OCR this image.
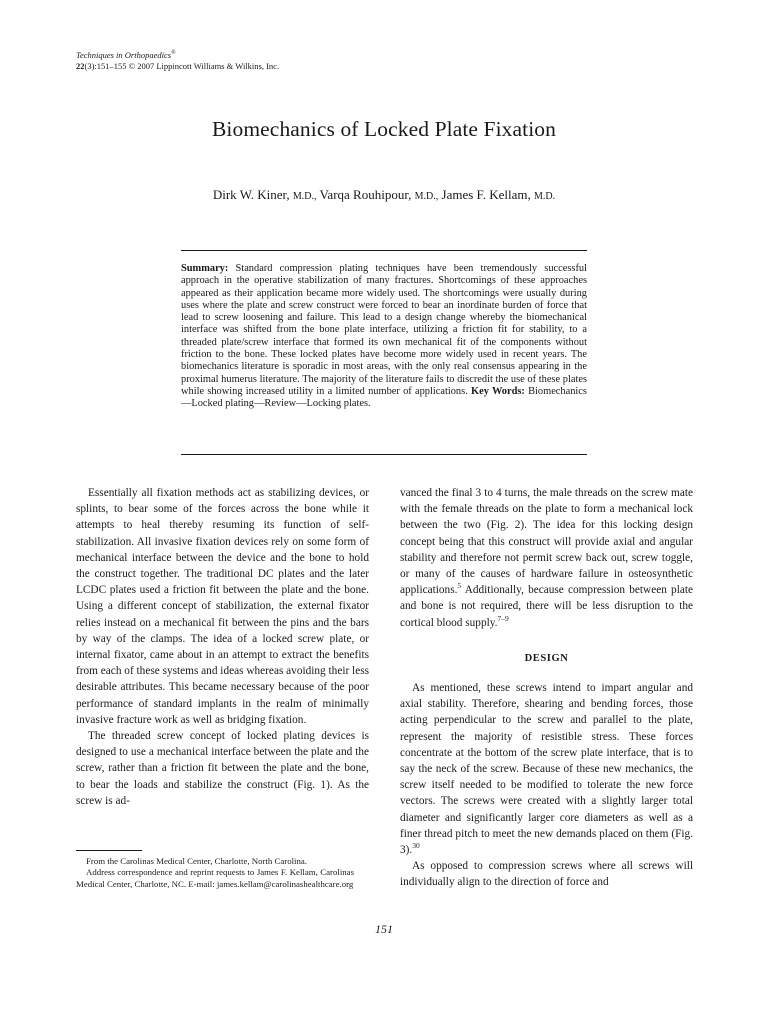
Techniques in Orthopaedics®
22(3):151–155 © 2007 Lippincott Williams & Wilkins, Inc.
Biomechanics of Locked Plate Fixation
Dirk W. Kiner, M.D., Varqa Rouhipour, M.D., James F. Kellam, M.D.
Summary: Standard compression plating techniques have been tremendously successful approach in the operative stabilization of many fractures. Shortcomings of these approaches appeared as their application became more widely used. The shortcomings were usually during uses where the plate and screw construct were forced to bear an inordinate burden of force that lead to screw loosening and failure. This lead to a design change whereby the biomechanical interface was shifted from the bone plate interface, utilizing a friction fit for stability, to a threaded plate/screw interface that formed its own mechanical fit of the components without friction to the bone. These locked plates have become more widely used in recent years. The biomechanics literature is sporadic in most areas, with the only real consensus appearing in the proximal humerus literature. The majority of the literature fails to discredit the use of these plates while showing increased utility in a limited number of applications. Key Words: Biomechanics—Locked plating—Review—Locking plates.

Essentially all fixation methods act as stabilizing devices, or splints, to bear some of the forces across the bone while it attempts to heal thereby resuming its function of self-stabilization. All invasive fixation devices rely on some form of mechanical interface between the device and the bone to hold the construct together. The traditional DC plates and the later LCDC plates used a friction fit between the plate and the bone. Using a different concept of stabilization, the external fixator relies instead on a mechanical fit between the pins and the bars by way of the clamps. The idea of a locked screw plate, or internal fixator, came about in an attempt to extract the benefits from each of these systems and ideas whereas avoiding their less desirable attributes. This became necessary because of the poor performance of standard implants in the realm of minimally invasive fracture work as well as bridging fixation.

The threaded screw concept of locked plating devices is designed to use a mechanical interface between the plate and the screw, rather than a friction fit between the plate and the bone, to bear the loads and stabilize the construct (Fig. 1). As the screw is ad-

From the Carolinas Medical Center, Charlotte, North Carolina.

Address correspondence and reprint requests to James F. Kellam, Carolinas Medical Center, Charlotte, NC. E-mail: james.kellam@carolinashealthcare.org

vanced the final 3 to 4 turns, the male threads on the screw mate with the female threads on the plate to form a mechanical lock between the two (Fig. 2). The idea for this locking design concept being that this construct will provide axial and angular stability and therefore not permit screw back out, screw toggle, or many of the causes of hardware failure in osteosynthetic applications.$^5$ Additionally, because compression between plate and bone is not required, there will be less disruption to the cortical blood supply.$^{7-9}$

DESIGN

As mentioned, these screws intend to impart angular and axial stability. Therefore, shearing and bending forces, those acting perpendicular to the screw and parallel to the plate, represent the majority of resistible stress. These forces concentrate at the bottom of the screw plate interface, that is to say the neck of the screw. Because of these new mechanics, the screw itself needed to be modified to tolerate the new force vectors. The screws were created with a slightly larger total diameter and significantly larger core diameters as well as a finer thread pitch to meet the new demands placed on them (Fig. 3).$^{30}$

As opposed to compression screws where all screws will individually align to the direction of force and

151
